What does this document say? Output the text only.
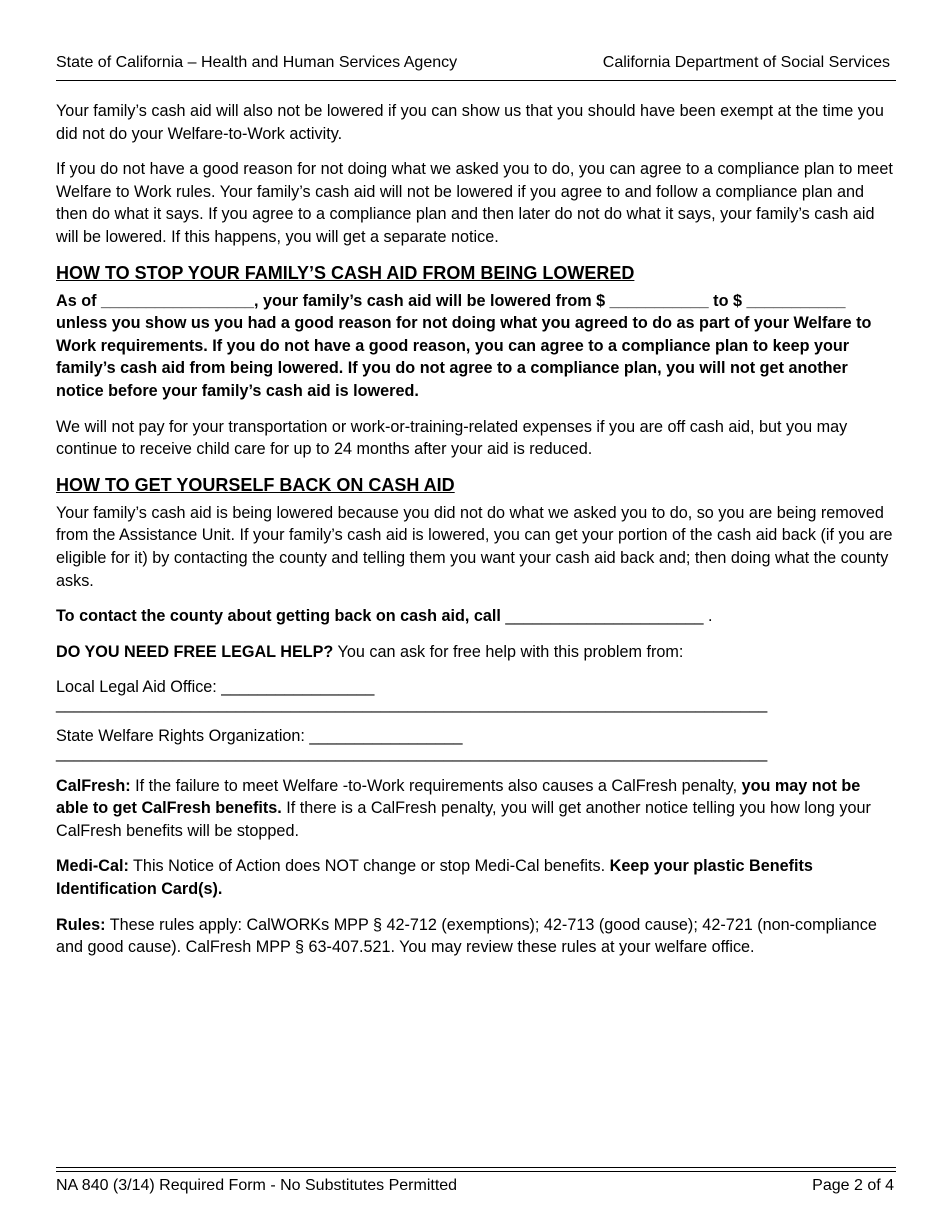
State of California – Health and Human Services Agency	California Department of Social Services

Your family’s cash aid will also not be lowered if you can show us that you should have been exempt at the time you did not do your Welfare-to-Work activity.

If you do not have a good reason for not doing what we asked you to do, you can agree to a compliance plan to meet Welfare to Work rules. Your family’s cash aid will not be lowered if you agree to and follow a compliance plan and then do what it says. If you agree to a compliance plan and then later do not do what it says, your family’s cash aid will be lowered. If this happens, you will get a separate notice.

HOW TO STOP YOUR FAMILY’S CASH AID FROM BEING LOWERED

As of _________________, your family’s cash aid will be lowered from $ ___________ to $ ___________ unless you show us you had a good reason for not doing what you agreed to do as part of your Welfare to Work requirements. If you do not have a good reason, you can agree to a compliance plan to keep your family’s cash aid from being lowered. If you do not agree to a compliance plan, you will not get another notice before your family’s cash aid is lowered.

We will not pay for your transportation or work-or-training-related expenses if you are off cash aid, but you may continue to receive child care for up to 24 months after your aid is reduced.

HOW TO GET YOURSELF BACK ON CASH AID

Your family’s cash aid is being lowered because you did not do what we asked you to do, so you are being removed from the Assistance Unit. If your family’s cash aid is lowered, you can get your portion of the cash aid back (if you are eligible for it) by contacting the county and telling them you want your cash aid back and; then doing what the county asks.

To contact the county about getting back on cash aid, call ______________________ .

DO YOU NEED FREE LEGAL HELP? You can ask for free help with this problem from:

Local Legal Aid Office: _________________

_______________________________________________________________________________

State Welfare Rights Organization: _________________

_______________________________________________________________________________

CalFresh: If the failure to meet Welfare -to-Work requirements also causes a CalFresh penalty, you may not be able to get CalFresh benefits. If there is a CalFresh penalty, you will get another notice telling you how long your CalFresh benefits will be stopped.

Medi-Cal: This Notice of Action does NOT change or stop Medi-Cal benefits. Keep your plastic Benefits Identification Card(s).

Rules: These rules apply: CalWORKs MPP § 42-712 (exemptions); 42-713 (good cause); 42-721 (non-compliance and good cause). CalFresh MPP § 63-407.521. You may review these rules at your welfare office.

NA 840 (3/14) Required Form - No Substitutes Permitted	Page 2 of 4
